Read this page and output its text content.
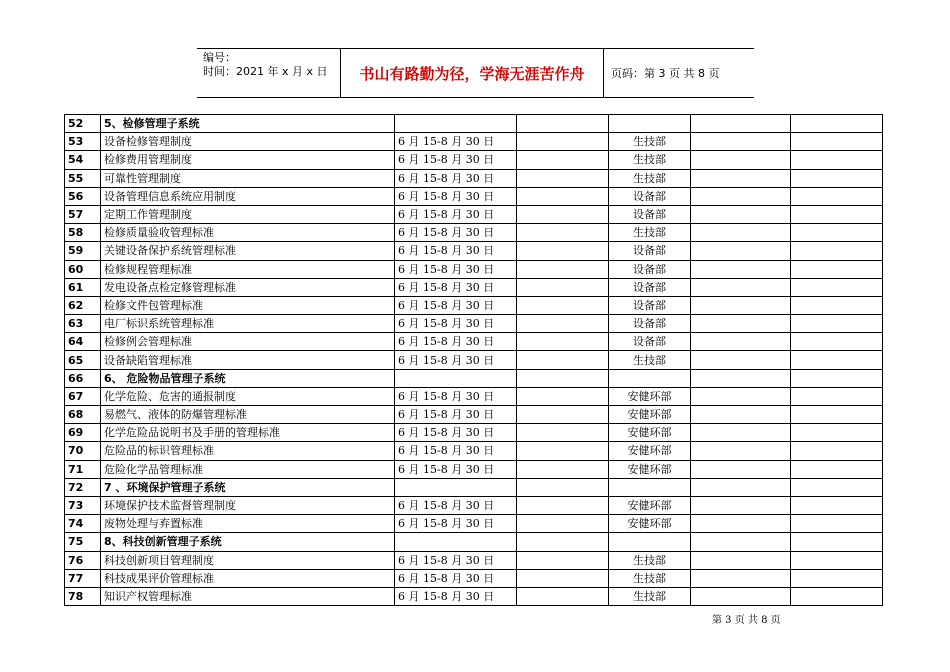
编号：
时间：2021 年 x 月 x 日	书山有路勤为径，学海无涯苦作舟	页码：第 3 页 共 8 页
52	5、检修管理子系统					
53	设备检修管理制度	6 月 15-8 月 30 日		生技部		
54	检修费用管理制度	6 月 15-8 月 30 日		生技部		
55	可靠性管理制度	6 月 15-8 月 30 日		生技部		
56	设备管理信息系统应用制度	6 月 15-8 月 30 日		设备部		
57	定期工作管理制度	6 月 15-8 月 30 日		设备部		
58	检修质量验收管理标准	6 月 15-8 月 30 日		生技部		
59	关键设备保护系统管理标准	6 月 15-8 月 30 日		设备部		
60	检修规程管理标准	6 月 15-8 月 30 日		设备部		
61	发电设备点检定修管理标准	6 月 15-8 月 30 日		设备部		
62	检修文件包管理标准	6 月 15-8 月 30 日		设备部		
63	电厂标识系统管理标准	6 月 15-8 月 30 日		设备部		
64	检修例会管理标准	6 月 15-8 月 30 日		设备部		
65	设备缺陷管理标准	6 月 15-8 月 30 日		生技部		
66	6、 危险物品管理子系统					
67	化学危险、危害的通报制度	6 月 15-8 月 30 日		安健环部		
68	易燃气、液体的防爆管理标准	6 月 15-8 月 30 日		安健环部		
69	化学危险品说明书及手册的管理标准	6 月 15-8 月 30 日		安健环部		
70	危险品的标识管理标准	6 月 15-8 月 30 日		安健环部		
71	危险化学品管理标准	6 月 15-8 月 30 日		安健环部		
72	7 、环境保护管理子系统					
73	环境保护技术监督管理制度	6 月 15-8 月 30 日		安健环部		
74	废物处理与弃置标准	6 月 15-8 月 30 日		安健环部		
75	8、科技创新管理子系统					
76	科技创新项目管理制度	6 月 15-8 月 30 日		生技部		
77	科技成果评价管理标准	6 月 15-8 月 30 日		生技部		
78	知识产权管理标准	6 月 15-8 月 30 日		生技部		
第 3 页 共 8 页
